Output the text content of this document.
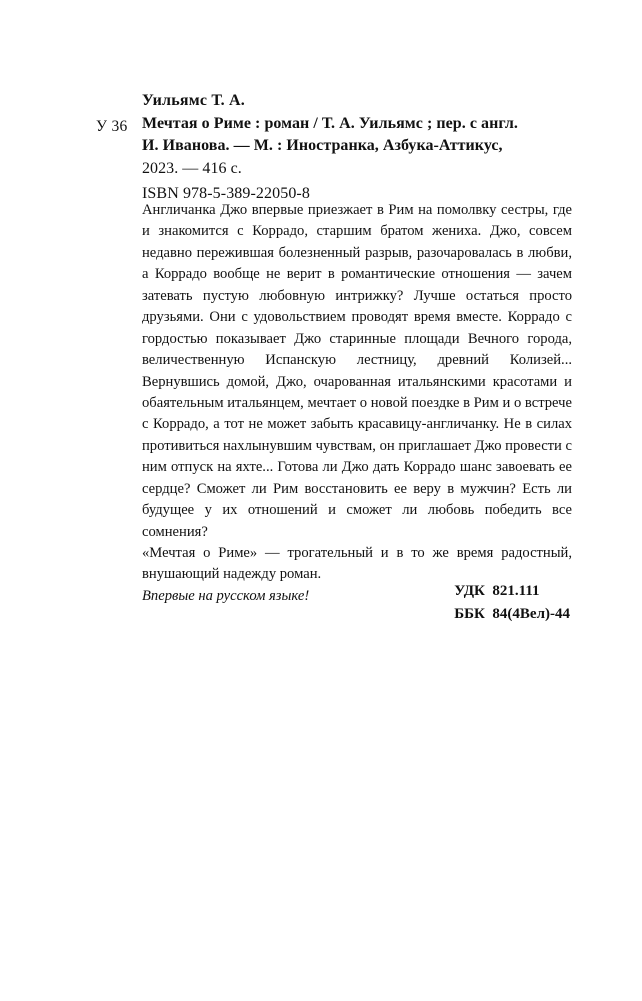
У 36

Уильямс Т. А.

Мечтая о Риме : роман / Т. А. Уильямс ; пер. с англ.

И. Иванова. — М. : Иностранка, Азбука-Аттикус,

2023. — 416 с.

ISBN 978-5-389-22050-8

Англичанка Джо впервые приезжает в Рим на помолвку сестры, где и знакомится с Коррадо, старшим братом жениха. Джо, совсем недавно пережившая болезненный разрыв, разочаровалась в любви, а Коррадо вообще не верит в романтические отношения — зачем затевать пустую любовную интрижку? Лучше остаться просто друзьями. Они с удовольствием проводят время вместе. Коррадо с гордостью показывает Джо старинные площади Вечного города, величественную Испанскую лестницу, древний Колизей... Вернувшись домой, Джо, очарованная итальянскими красотами и обаятельным итальянцем, мечтает о новой поездке в Рим и о встрече с Коррадо, а тот не может забыть красавицу-англичанку. Не в силах противиться нахлынувшим чувствам, он приглашает Джо провести с ним отпуск на яхте... Готова ли Джо дать Коррадо шанс завоевать ее сердце? Сможет ли Рим восстановить ее веру в мужчин? Есть ли будущее у их отношений и сможет ли любовь победить все сомнения?

«Мечтая о Риме» — трогательный и в то же время радостный, внушающий надежду роман.

Впервые на русском языке!	УДК  821.111
ББК  84(4Вел)-44
